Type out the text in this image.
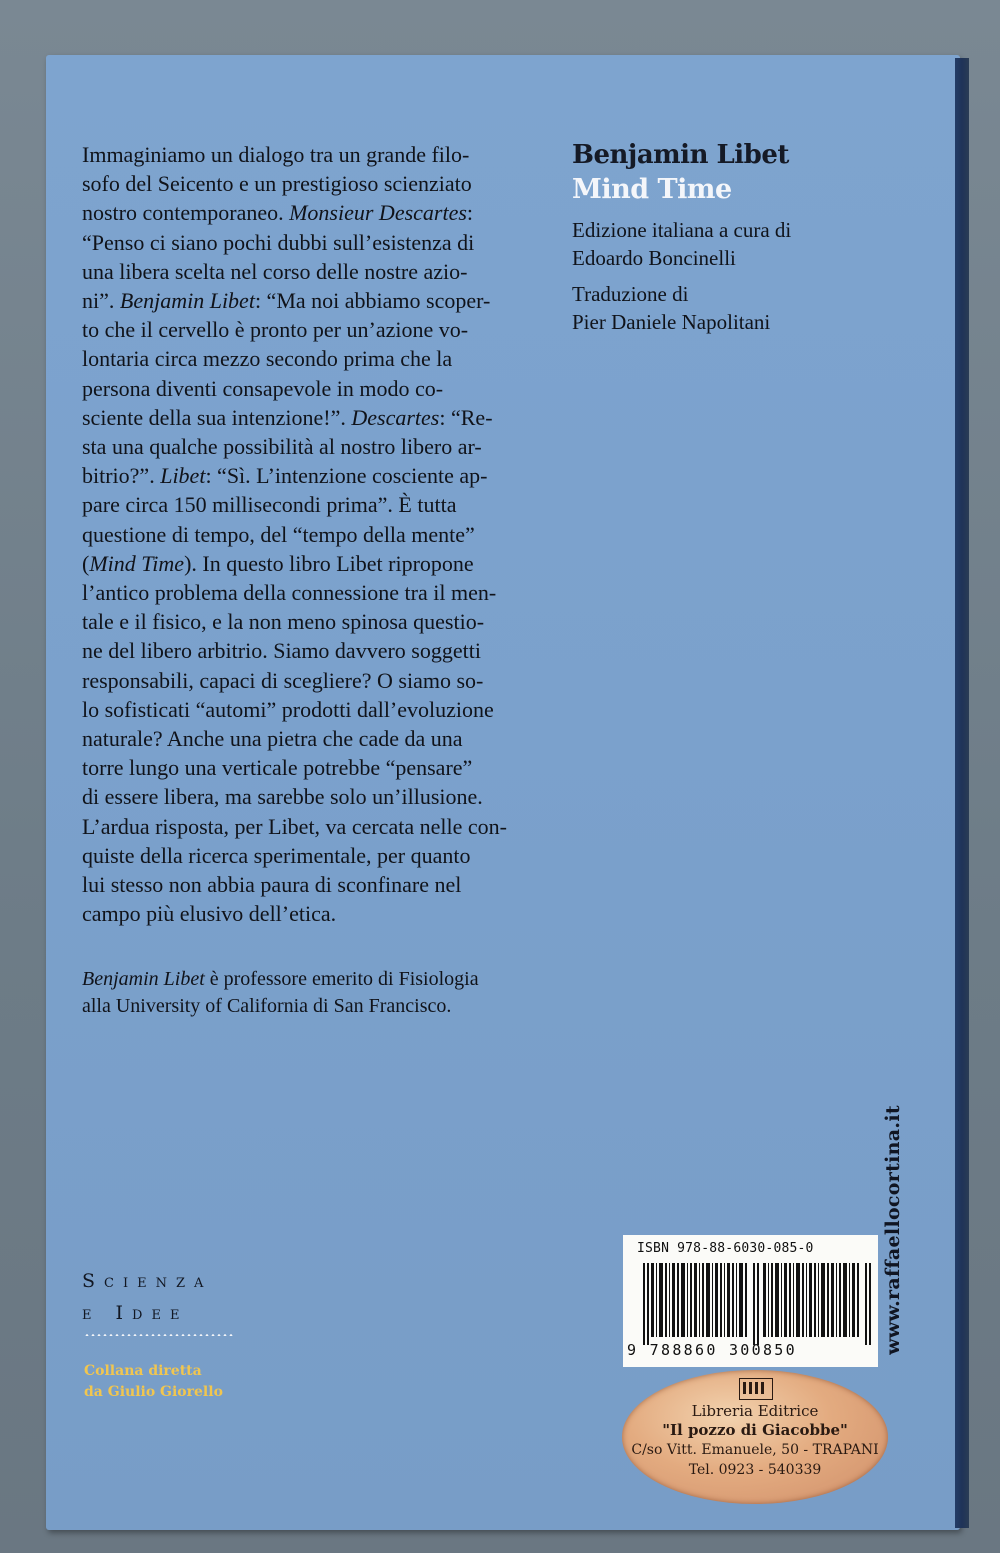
Immaginiamo un dialogo tra un grande filo-

sofo del Seicento e un prestigioso scienziato

nostro contemporaneo. Monsieur Descartes:

“Penso ci siano pochi dubbi sull’esistenza di

una libera scelta nel corso delle nostre azio-

ni”. Benjamin Libet: “Ma noi abbiamo scoper-

to che il cervello è pronto per un’azione vo-

lontaria circa mezzo secondo prima che la

persona diventi consapevole in modo co-

sciente della sua intenzione!”. Descartes: “Re-

sta una qualche possibilità al nostro libero ar-

bitrio?”. Libet: “Sì. L’intenzione cosciente ap-

pare circa 150 millisecondi prima”. È tutta

questione di tempo, del “tempo della mente”

(Mind Time). In questo libro Libet ripropone

l’antico problema della connessione tra il men-

tale e il fisico, e la non meno spinosa questio-

ne del libero arbitrio. Siamo davvero soggetti

responsabili, capaci di scegliere? O siamo so-

lo sofisticati “automi” prodotti dall’evoluzione

naturale? Anche una pietra che cade da una

torre lungo una verticale potrebbe “pensare”

di essere libera, ma sarebbe solo un’illusione.

L’ardua risposta, per Libet, va cercata nelle con-

quiste della ricerca sperimentale, per quanto

lui stesso non abbia paura di sconfinare nel

campo più elusivo dell’etica.

Benjamin Libet è professore emerito di Fisiologia
alla University of California di San Francisco.
Benjamin Libet
Mind Time
Edizione italiana a cura di
Edoardo Boncinelli
Traduzione di
Pier Daniele Napolitani
Scienza
e Idee
Collana diretta
da Giulio Giorello
www.raffaellocortina.it
ISBN 978-88-6030-085-0
9 788860 300850
Libreria Editrice
"Il pozzo di Giacobbe"
C/so Vitt. Emanuele, 50 - TRAPANI
Tel. 0923 - 540339
